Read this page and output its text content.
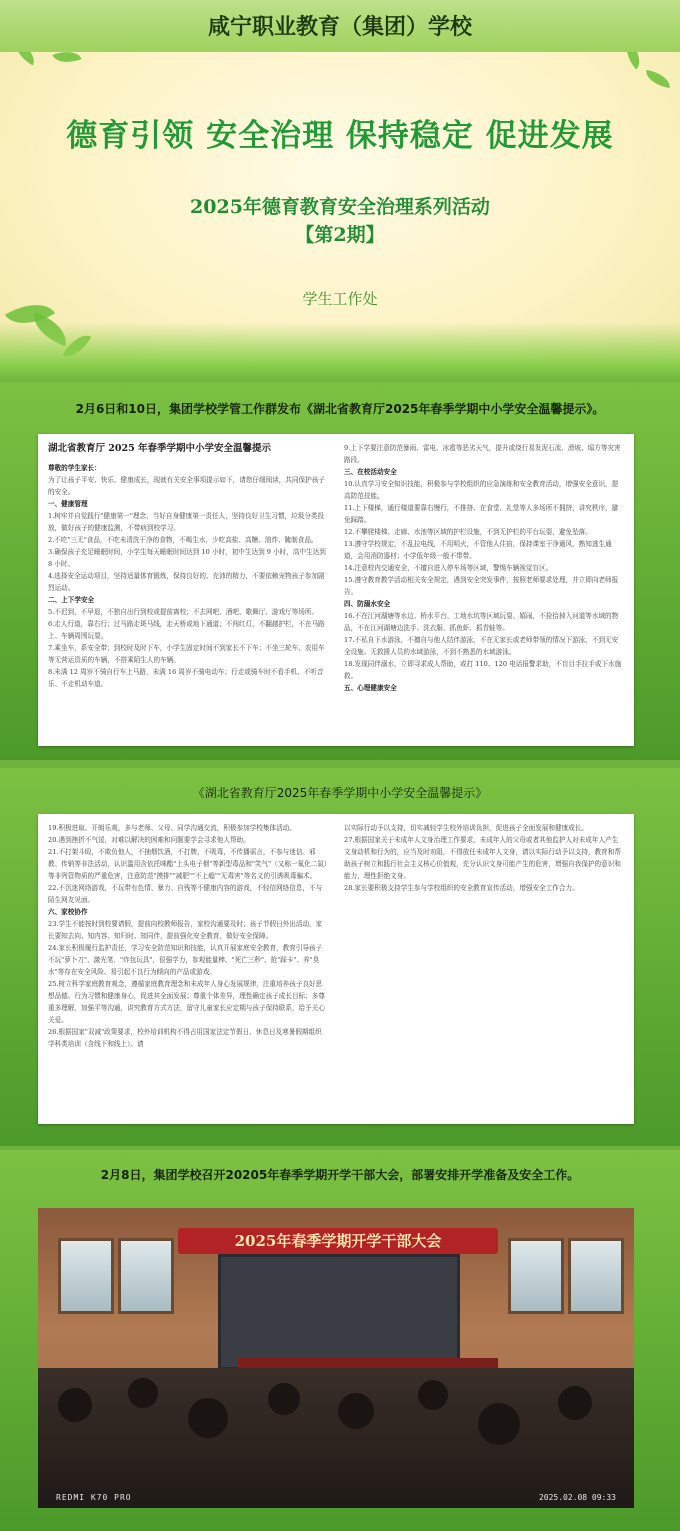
咸宁职业教育（集团）学校
德育引领 安全治理 保持稳定 促进发展
2025年德育教育安全治理系列活动
【第2期】
学生工作处
2月6日和10日，集团学校学管工作群发布《湖北省教育厅2025年春季学期中小学安全温馨提示》。
湖北省教育厅 2025 年春季学期中小学安全温馨提示

尊敬的学生家长：

为了让孩子平安、快乐、健康成长，现就有关安全事项提示如下，请您仔细阅读，共同保护孩子的安全。

一、健康管理

1.树牢并自觉践行"健康第一"理念，当好自身健康第一责任人，坚持良好卫生习惯，垃圾分类投放，做好孩子的健康监测，不带病到校学习。

2.不吃"三无"食品，不吃未清洗干净的食物，不喝生水，少吃高盐、高糖、油炸、腌制食品。

3.确保孩子充足睡眠时间，小学生每天睡眠时间达到 10 小时，初中生达到 9 小时，高中生达到 8 小时。

4.选择安全运动项目，坚持适量体育锻炼，保持良好的、充沛的精力，不要依赖宠物孩子参加剧烈运动。

二、上下学安全

5.不迟到，不早退，不独自出行到校或提前离校；不去网吧、酒吧、歌舞厅、游戏厅等场所。

6.走人行道，靠右行；过马路走斑马线，走天桥或地下通道；不闯红灯，不翻越护栏，不在马路上、车辆周围玩耍。

7.乘坐车，系安全带；到校时及时下车，小学生固定时间不到家长不下车；不坐三轮车、农用车等无营运资质的车辆，不搭乘陌生人的车辆。

8.未满 12 周岁不骑自行车上马路，未满 16 周岁不骑电动车；行走或骑车时不看手机、不听音乐、不走机动车道。

9.上下学要注意防范暴雨、雷电、冰雹等恶劣天气，提升或绕行易发泥石流、滑坡、塌方等灾害路段。

三、在校活动安全

10.认真学习安全知识技能，积极参与学校组织的应急演练和安全教育活动，增强安全意识，提高防范技能。

11.上下楼梯，通行楼道要靠右慢行，不推挤、在食堂、礼堂等人多场所不拥挤，讲究秩序，避免踩踏。

12.不攀爬楼梯、走廊、水池等区域的护栏设施，不到无护栏的平台玩耍，避免坠落。

13.遵守学校规定，不乱拉电线，不用明火，不管他人住宿，保持课室干净通风，熟知逃生通道，会用消防器材；小学低年级一般不带带。

14.注意校内交通安全，不擅自进入停车场等区域，警惕车辆视觉盲区。

15.遵守教育教学活动相关安全规定，遇到安全突发事件，按照老师要求处理，并立即向老师报告。

四、防溺水安全

16.不在江河湖塘等水边、桥水平台、工地水坑等区域玩耍、嬉闹，不捡拾掉入河道等水域的物品，不在江河湖塘边洗手、洗衣服、抓鱼虾、抓青蛙等。

17.不私自下水游泳，不擅自与他人结伴游泳，不在无家长或老师带领的情况下游泳，不到无安全设施、无救援人员的水域游泳，不到不熟悉的水域游泳。

18.发现同伴溺水，立即寻求成人帮助，或打 110、120 电话报警求助，不盲目手拉手或下水施救。

五、心理健康安全

《湖北省教育厅2025年春季学期中小学安全温馨提示》

19.积极进取、开朗乐观，多与老师、父母、同学沟通交流，积极参加学校集体活动。

20.遇到挫折不气馁，对难以解决的困难和问题要学会寻求他人帮助。

21.不打架斗殴，不欺负他人，不抽烟饮酒，不打牌，不吸毒，不传播谣言，不参与迷信、邪教、传销等非法活动，认识滥用含依托咪酯"上头电子烟"等新型毒品和"笑气"（又称一氧化二氮）等非列管物质的严重危害，注意防范"摸排""减肥""不上瘾""无毒害"等名义的引诱吸毒骗术。

22.不沉迷网络游戏，不玩带有色情、暴力、自残等不健康内容的游戏，不轻信网络信息，不与陌生网友见面。

六、家校协作

23.学生不能按时到校要请假，提前向校教师报告，家校沟通要及时；孩子节假日外出活动，家长要知去向、知内容、知归时、知同伴，提前强化安全教育，做好安全保障。

24.家长积极履行监护责任，学习安全防范知识和技能，认真开展家庭安全教育，教育引导孩子不玩"萝卜刀"、激光笔、"炸包玩具"，很强学力，参观能量棒、"死亡三秒"、抢"踩卡"、养"臭水"等存在安全风险、易引起不良行为倾向的产品或游戏。

25.树立科学家庭教育观念，遵循家庭教育理念和未成年人身心发展规律，注重培养孩子良好思想品德、行为习惯和健康身心，促进其全面发展；尊重个体差异，理性确定孩子成长目标；多尊重多理解，加强平等沟通，讲究教育方式方法，留守儿童家长应定期与孩子保持联系，给予关心关爱。

26.根据国家"双减"政策要求，校外培训机构不得占用国家法定节假日、休息日及寒暑假期组织学科类培训（含线下和线上）。请

以实际行动予以支持，切实减轻学生校外培训负担，促进孩子全面发展和健康成长。

27.根据国家关于未成年人文身治理工作要求，未成年人的父母或者其他监护人对未成年人产生文身动机和行为的，应当及时劝阻，不得放任未成年人文身，请以实际行动予以支持，教育和帮助孩子树立和践行社会主义核心价值观，充分认识文身可能产生的危害，增强自我保护的意识和能力，理性拒绝文身。

28.家长要积极支持学生参与学校组织的安全教育宣传活动，增强安全工作合力。

2月8日，集团学校召开20205年春季学期开学干部大会，部署安排开学准备及安全工作。
2025年春季学期开学干部大会
REDMI K70 PRO	2025.02.08 09:33
